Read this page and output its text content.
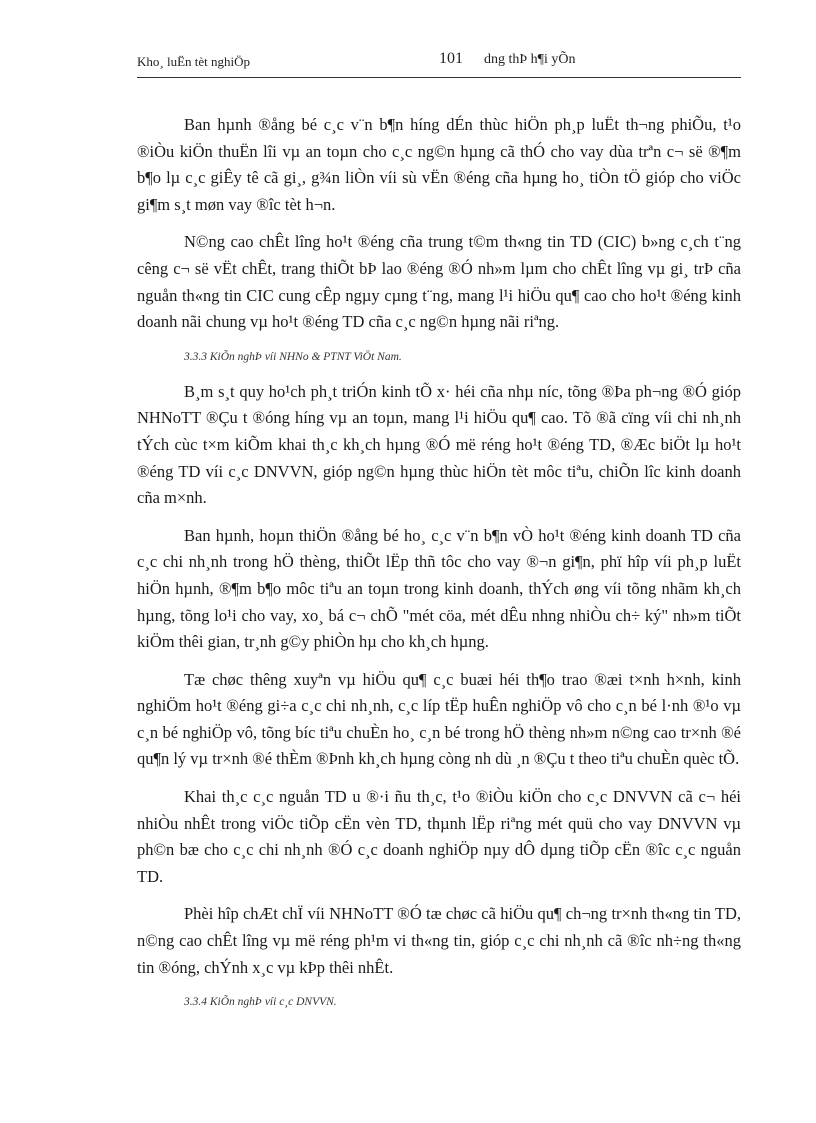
Kho¸ luËn tèt nghiÖp	101 dng thÞ h¶i yÕn

Ban hµnh ®ång bé c¸c v¨n b¶n híng dÉn thùc hiÖn ph¸p luËt th¬ng phiÕu, t¹o ®iÒu kiÖn thuËn lîi vµ an toµn cho c¸c ng©n hµng cã thÓ cho vay dùa trªn c¬ së ®¶m b¶o lµ c¸c giÊy tê cã gi¸, g¾n liÒn víi sù vËn ®éng cña hµng ho¸ tiÒn tÖ gióp cho viÖc gi¶m s¸t møn vay ®îc tèt h¬n.

N©ng cao chÊt lîng ho¹t ®éng cña trung t©m th«ng tin TD (CIC) b»ng c¸ch t¨ng cêng c¬ së vËt chÊt, trang thiÕt bÞ lao ®éng ®Ó nh»m lµm cho chÊt lîng vµ gi¸ trÞ cña nguån th«ng tin CIC cung cÊp ngµy cµng t¨ng, mang l¹i hiÖu qu¶ cao cho ho¹t ®éng kinh doanh nãi chung vµ ho¹t ®éng TD cña c¸c ng©n hµng nãi riªng.

3.3.3 KiÕn nghÞ víi NHNo & PTNT ViÖt Nam.

B¸m s¸t quy ho¹ch ph¸t triÓn kinh tÕ x· héi cña nhµ níc, tõng ®Þa ph¬ng ®Ó gióp NHNoTT ®Çu t ®óng híng vµ an toµn, mang l¹i hiÖu qu¶ cao. Tõ ®ã cïng víi chi nh¸nh tÝch cùc t×m kiÕm khai th¸c kh¸ch hµng ®Ó më réng ho¹t ®éng TD, ®Æc biÖt lµ ho¹t ®éng TD víi c¸c DNVVN, gióp ng©n hµng thùc hiÖn tèt môc tiªu, chiÕn lîc kinh doanh cña m×nh.

Ban hµnh, hoµn thiÖn ®ång bé ho¸ c¸c v¨n b¶n vÒ ho¹t ®éng kinh doanh TD cña c¸c chi nh¸nh trong hÖ thèng, thiÕt lËp thñ tôc cho vay ®¬n gi¶n, phï hîp víi ph¸p luËt hiÖn hµnh, ®¶m b¶o môc tiªu an toµn trong kinh doanh, thÝch øng víi tõng nhãm kh¸ch hµng, tõng lo¹i cho vay, xo¸ bá c¬ chÕ "mét cöa, mét dÊu nhng nhiÒu ch÷ ký" nh»m tiÕt kiÖm thêi gian, tr¸nh g©y phiÒn hµ cho kh¸ch hµng.

Tæ chøc thêng xuyªn vµ hiÖu qu¶ c¸c buæi héi th¶o trao ®æi t×nh h×nh, kinh nghiÖm ho¹t ®éng gi÷a c¸c chi nh¸nh, c¸c líp tËp huÊn nghiÖp vô cho c¸n bé l·nh ®¹o vµ c¸n bé nghiÖp vô, tõng bíc tiªu chuÈn ho¸ c¸n bé trong hÖ thèng nh»m n©ng cao tr×nh ®é qu¶n lý vµ tr×nh ®é thÈm ®Þnh kh¸ch hµng còng nh dù ¸n ®Çu t theo tiªu chuÈn quèc tÕ.

Khai th¸c c¸c nguån TD u ®·i ñu th¸c, t¹o ®iÒu kiÖn cho c¸c DNVVN cã c¬ héi nhiÒu nhÊt trong viÖc tiÕp cËn vèn TD, thµnh lËp riªng mét quü cho vay DNVVN vµ ph©n bæ cho c¸c chi nh¸nh ®Ó c¸c doanh nghiÖp nµy dÔ dµng tiÕp cËn ®îc c¸c nguån TD.

Phèi hîp chÆt chÏ víi NHNoTT ®Ó tæ chøc cã hiÖu qu¶ ch¬ng tr×nh th«ng tin TD, n©ng cao chÊt lîng vµ më réng ph¹m vi th«ng tin, gióp c¸c chi nh¸nh cã ®îc nh÷ng th«ng tin ®óng, chÝnh x¸c vµ kÞp thêi nhÊt.

3.3.4 KiÕn nghÞ víi c¸c DNVVN.
